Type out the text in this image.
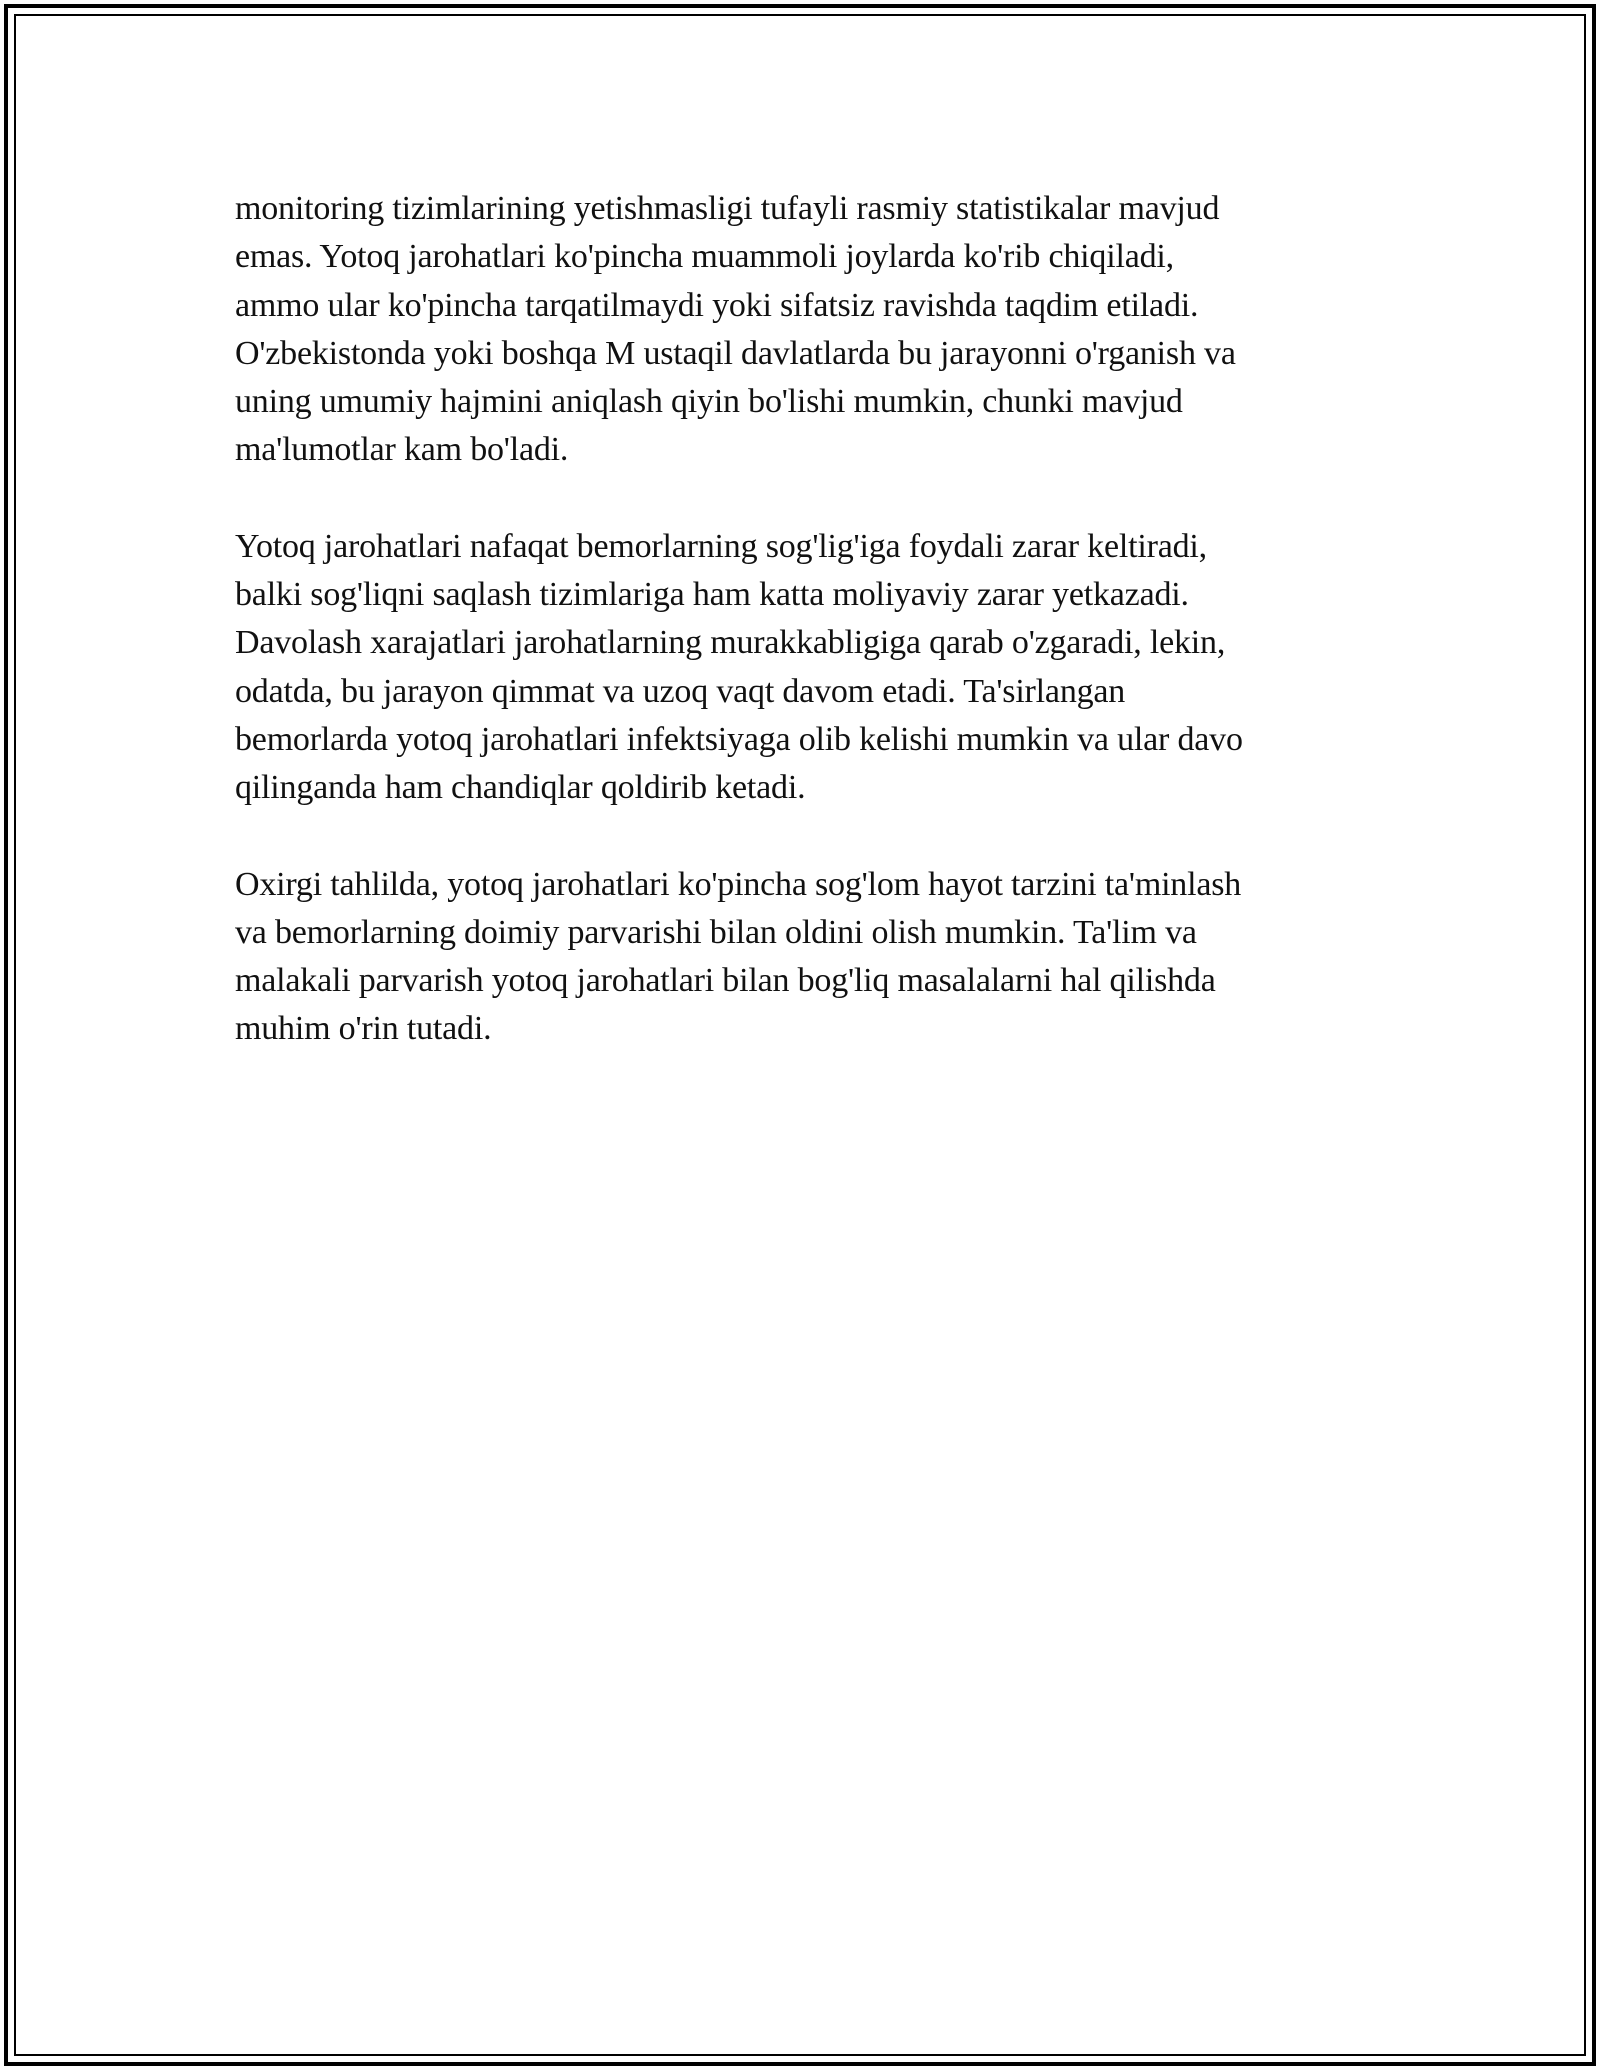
monitoring tizimlarining yetishmasligi tufayli rasmiy statistikalar mavjud
emas. Yotoq jarohatlari ko'pincha muammoli joylarda ko'rib chiqiladi,
ammo ular ko'pincha tarqatilmaydi yoki sifatsiz ravishda taqdim etiladi.
O'zbekistonda yoki boshqa M ustaqil davlatlarda bu jarayonni o'rganish va
uning umumiy hajmini aniqlash qiyin bo'lishi mumkin, chunki mavjud
ma'lumotlar kam bo'ladi.

Yotoq jarohatlari nafaqat bemorlarning sog'lig'iga foydali zarar keltiradi,
balki sog'liqni saqlash tizimlariga ham katta moliyaviy zarar yetkazadi.
Davolash xarajatlari jarohatlarning murakkabligiga qarab o'zgaradi, lekin,
odatda, bu jarayon qimmat va uzoq vaqt davom etadi. Ta'sirlangan
bemorlarda yotoq jarohatlari infektsiyaga olib kelishi mumkin va ular davo
qilinganda ham chandiqlar qoldirib ketadi.

Oxirgi tahlilda, yotoq jarohatlari ko'pincha sog'lom hayot tarzini ta'minlash
va bemorlarning doimiy parvarishi bilan oldini olish mumkin. Ta'lim va
malakali parvarish yotoq jarohatlari bilan bog'liq masalalarni hal qilishda
muhim o'rin tutadi.
